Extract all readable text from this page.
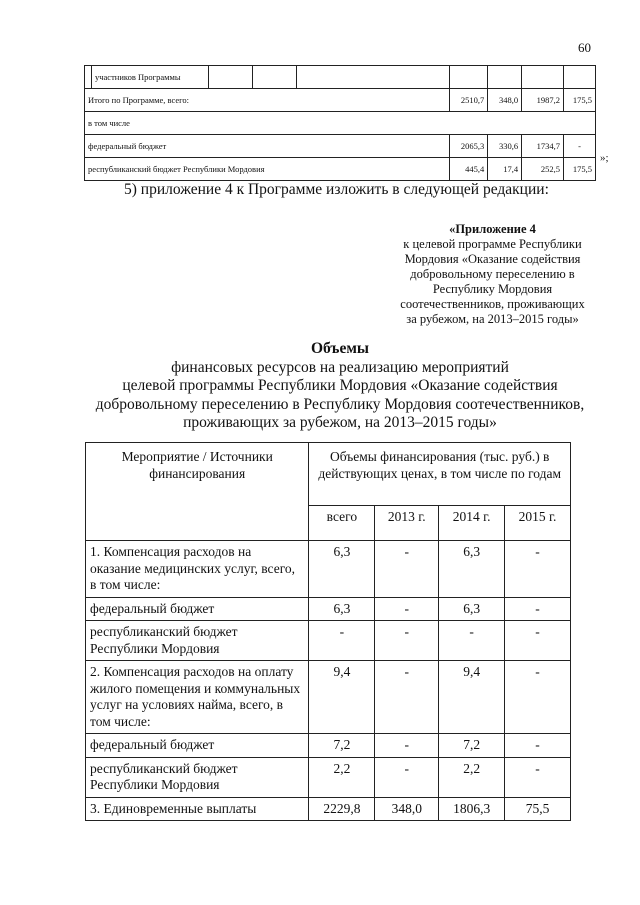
60
	участников Программы							
Итого по Программе, всего:					2510,7	348,0	1987,2	175,5
в том числе								
федеральный бюджет					2065,3	330,6	1734,7	-
республиканский бюджет Республики Мордовия					445,4	17,4	252,5	175,5
»;
5) приложение 4 к Программе изложить в следующей редакции:
«Приложение 4
к целевой программе Республики
Мордовия «Оказание содействия
добровольному переселению в
Республику Мордовия
соотечественников, проживающих
за рубежом, на 2013–2015 годы»
Объемы
финансовых ресурсов на реализацию мероприятий
целевой программы Республики Мордовия «Оказание содействия
добровольному переселению в Республику Мордовия соотечественников,
проживающих за рубежом, на 2013–2015 годы»
Мероприятие / Источники финансирования	Объемы финансирования (тыс. руб.) в действующих ценах, в том числе по годам			
	всего	2013 г.	2014 г.	2015 г.
1. Компенсация расходов на оказание медицинских услуг, всего, в том числе:	6,3	-	6,3	-
федеральный бюджет	6,3	-	6,3	-
республиканский бюджет Республики Мордовия	-	-	-	-
2. Компенсация расходов на оплату жилого помещения и коммунальных услуг на условиях найма, всего, в том числе:	9,4	-	9,4	-
федеральный бюджет	7,2	-	7,2	-
республиканский бюджет Республики Мордовия	2,2	-	2,2	-
3. Единовременные выплаты	2229,8	348,0	1806,3	75,5
